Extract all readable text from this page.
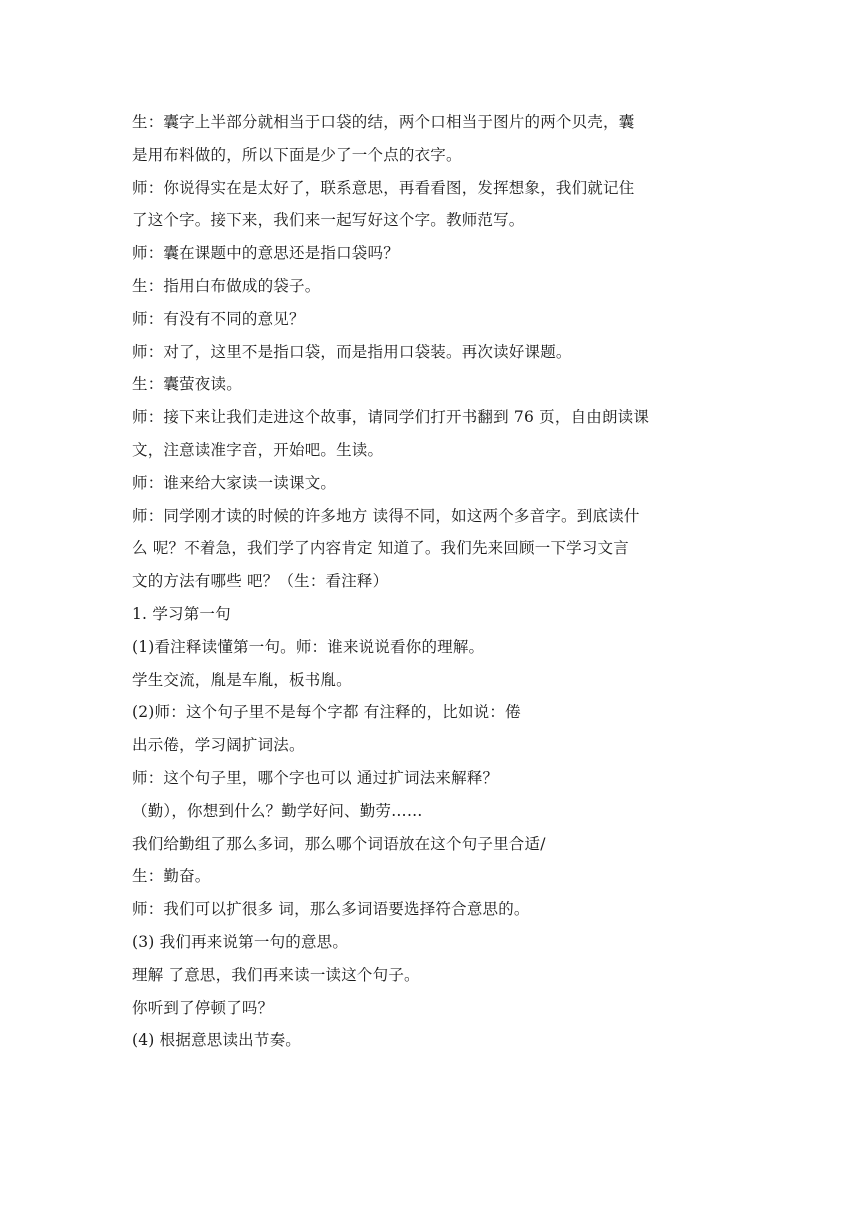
生：囊字上半部分就相当于口袋的结，两个口相当于图片的两个贝壳，囊
是用布料做的，所以下面是少了一个点的衣字。
师：你说得实在是太好了，联系意思，再看看图，发挥想象，我们就记住
了这个字。接下来，我们来一起写好这个字。教师范写。
师：囊在课题中的意思还是指口袋吗？
生：指用白布做成的袋子。
师：有没有不同的意见？
师：对了，这里不是指口袋，而是指用口袋装。再次读好课题。
生：囊萤夜读。
师：接下来让我们走进这个故事，请同学们打开书翻到 76 页，自由朗读课
文，注意读准字音，开始吧。生读。
师：谁来给大家读一读课文。
师：同学刚才读的时候的许多地方 读得不同，如这两个多音字。到底读什
么 呢？不着急，我们学了内容肯定 知道了。我们先来回顾一下学习文言
文的方法有哪些 吧？（生：看注释）
1. 学习第一句
(1)看注释读懂第一句。师：谁来说说看你的理解。
学生交流，胤是车胤，板书胤。
(2)师：这个句子里不是每个字都 有注释的，比如说：倦
出示倦，学习阔扩词法。
师：这个句子里，哪个字也可以 通过扩词法来解释？
（勤），你想到什么？勤学好问、勤劳……
我们给勤组了那么多词，那么哪个词语放在这个句子里合适/
生：勤奋。
师：我们可以扩很多 词，那么多词语要选择符合意思的。
(3) 我们再来说第一句的意思。
理解 了意思，我们再来读一读这个句子。
你听到了停顿了吗？
(4) 根据意思读出节奏。
